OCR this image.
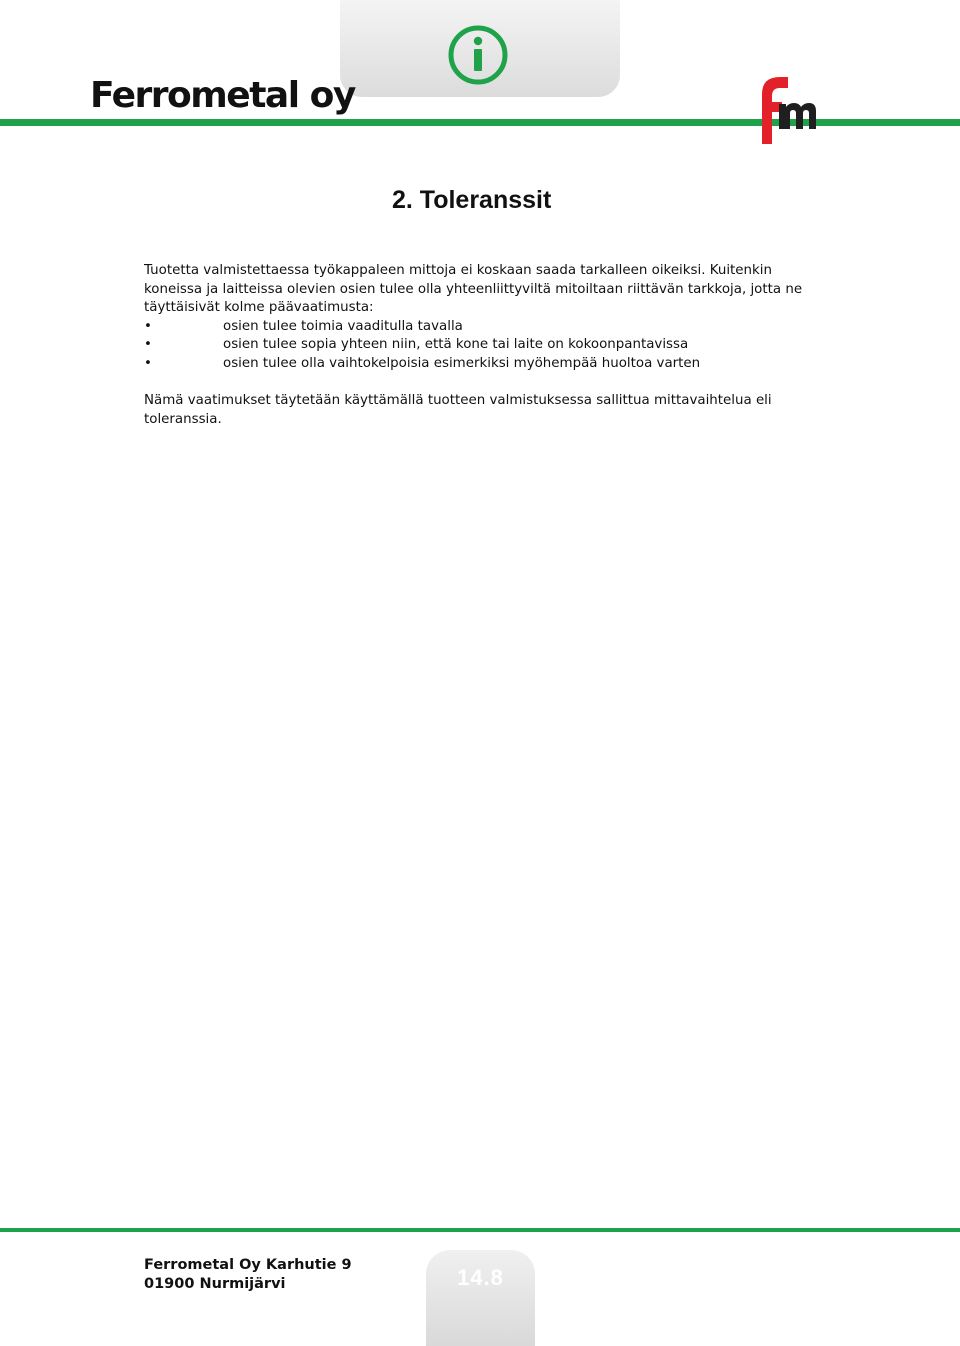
Ferrometal oy
2. Toleranssit

Tuotetta valmistettaessa työkappaleen mittoja ei koskaan saada tarkalleen oikeiksi. Kuitenkin koneissa ja laitteissa olevien osien tulee olla yhteenliittyviltä mitoiltaan riittävän tarkkoja, jotta ne täyttäisivät kolme päävaatimusta:

•	osien tulee toimia vaaditulla tavalla
•	osien tulee sopia yhteen niin, että kone tai laite on kokoonpantavissa
•	osien tulee olla vaihtokelpoisia esimerkiksi myöhempää huoltoa varten

Nämä vaatimukset täytetään käyttämällä tuotteen valmistuksessa sallittua mittavaihtelua eli toleranssia.

Ferrometal Oy Karhutie 9
01900 Nurmijärvi	14.8
